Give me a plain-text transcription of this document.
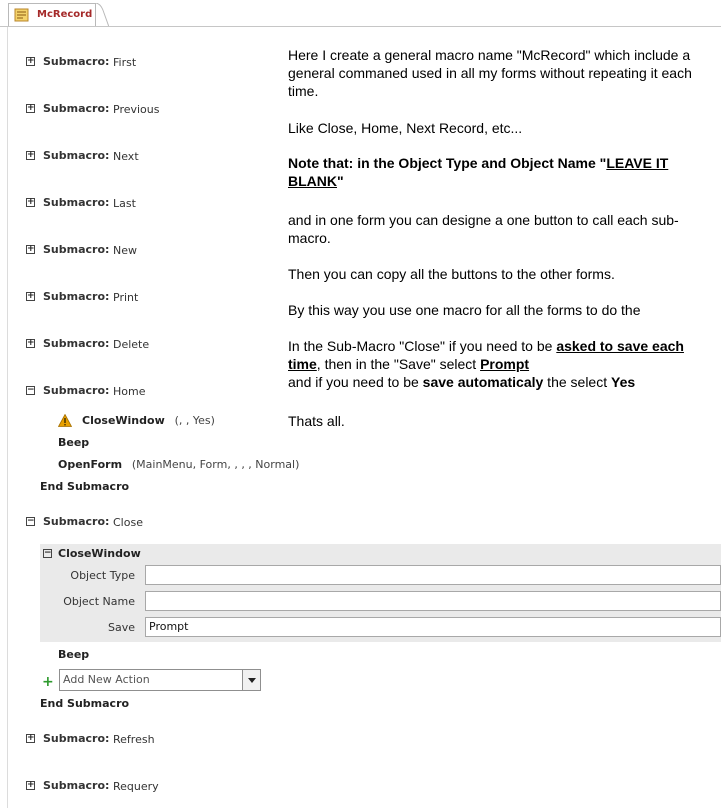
McRecord
+ Submacro: First
+ Submacro: Previous
+ Submacro: Next
+ Submacro: Last
+ Submacro: New
+ Submacro: Print
+ Submacro: Delete
− Submacro: Home
CloseWindow (, , Yes)
Beep
OpenForm (MainMenu, Form, , , , Normal)
End Submacro
− Submacro: Close
− CloseWindow
Object Type
Object Name
Save	Prompt
Beep
+ Add New Action
End Submacro
+ Submacro: Refresh
+ Submacro: Requery
Here I create a general macro name "McRecord" which include a general commaned used in all my forms without repeating it each time.
Like Close, Home, Next Record, etc...
Note that: in the Object Type and Object Name "LEAVE IT BLANK"
and in one form you can designe a one button to call each sub-macro.
Then you can copy all the buttons to the other forms.
By this way you use one macro for all the forms to do the
In the Sub-Macro "Close" if you need to be asked to save each time, then in the "Save" select Prompt
and if you need to be save automaticaly the select Yes
Thats all.
